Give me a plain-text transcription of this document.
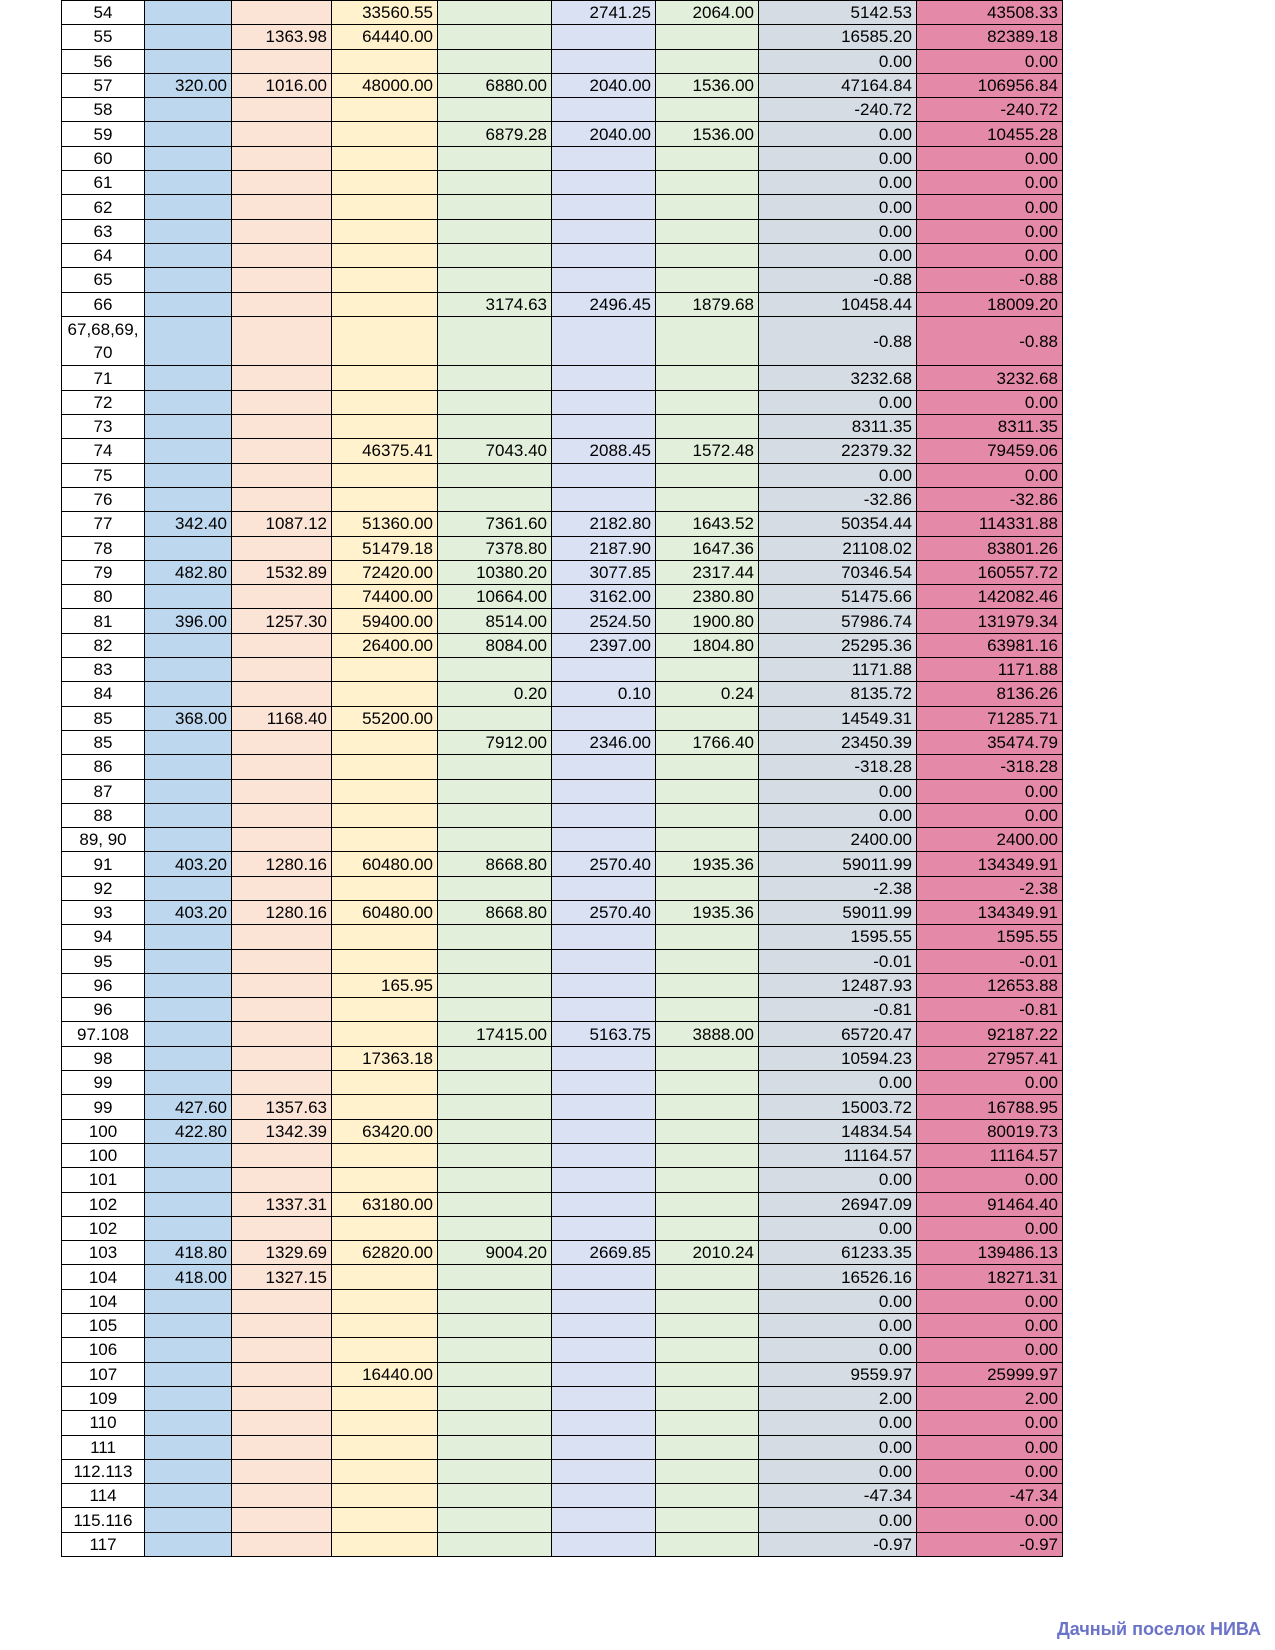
54			33560.55		2741.25	2064.00	5142.53	43508.33
55		1363.98	64440.00				16585.20	82389.18
56							0.00	0.00
57	320.00	1016.00	48000.00	6880.00	2040.00	1536.00	47164.84	106956.84
58							-240.72	-240.72
59				6879.28	2040.00	1536.00	0.00	10455.28
60							0.00	0.00
61							0.00	0.00
62							0.00	0.00
63							0.00	0.00
64							0.00	0.00
65							-0.88	-0.88
66				3174.63	2496.45	1879.68	10458.44	18009.20
67,68,69, 70							-0.88	-0.88
71							3232.68	3232.68
72							0.00	0.00
73							8311.35	8311.35
74			46375.41	7043.40	2088.45	1572.48	22379.32	79459.06
75							0.00	0.00
76							-32.86	-32.86
77	342.40	1087.12	51360.00	7361.60	2182.80	1643.52	50354.44	114331.88
78			51479.18	7378.80	2187.90	1647.36	21108.02	83801.26
79	482.80	1532.89	72420.00	10380.20	3077.85	2317.44	70346.54	160557.72
80			74400.00	10664.00	3162.00	2380.80	51475.66	142082.46
81	396.00	1257.30	59400.00	8514.00	2524.50	1900.80	57986.74	131979.34
82			26400.00	8084.00	2397.00	1804.80	25295.36	63981.16
83							1171.88	1171.88
84				0.20	0.10	0.24	8135.72	8136.26
85	368.00	1168.40	55200.00				14549.31	71285.71
85				7912.00	2346.00	1766.40	23450.39	35474.79
86							-318.28	-318.28
87							0.00	0.00
88							0.00	0.00
89, 90							2400.00	2400.00
91	403.20	1280.16	60480.00	8668.80	2570.40	1935.36	59011.99	134349.91
92							-2.38	-2.38
93	403.20	1280.16	60480.00	8668.80	2570.40	1935.36	59011.99	134349.91
94							1595.55	1595.55
95							-0.01	-0.01
96			165.95				12487.93	12653.88
96							-0.81	-0.81
97.108				17415.00	5163.75	3888.00	65720.47	92187.22
98			17363.18				10594.23	27957.41
99							0.00	0.00
99	427.60	1357.63					15003.72	16788.95
100	422.80	1342.39	63420.00				14834.54	80019.73
100							11164.57	11164.57
101							0.00	0.00
102		1337.31	63180.00				26947.09	91464.40
102							0.00	0.00
103	418.80	1329.69	62820.00	9004.20	2669.85	2010.24	61233.35	139486.13
104	418.00	1327.15					16526.16	18271.31
104							0.00	0.00
105							0.00	0.00
106							0.00	0.00
107			16440.00				9559.97	25999.97
109							2.00	2.00
110							0.00	0.00
111							0.00	0.00
112.113							0.00	0.00
114							-47.34	-47.34
115.116							0.00	0.00
117							-0.97	-0.97
Дачный поселок НИВА
